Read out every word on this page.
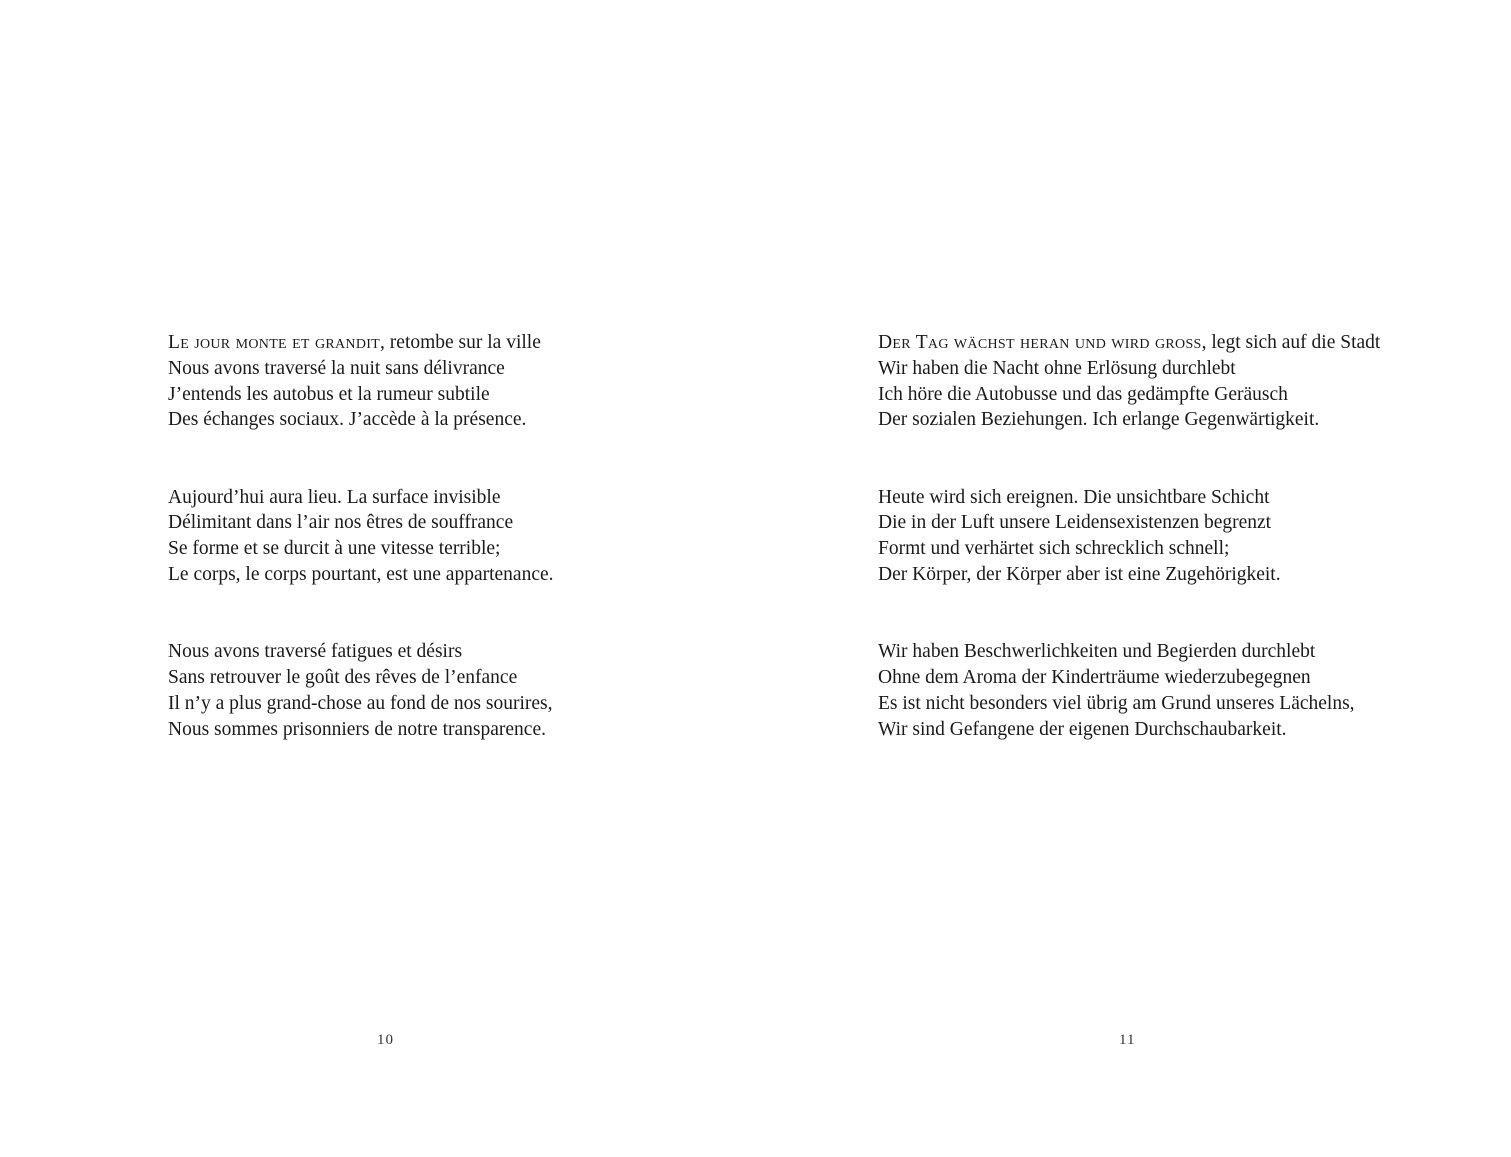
Le jour monte et grandit, retombe sur la ville
Nous avons traversé la nuit sans délivrance
J’entends les autobus et la rumeur subtile
Des échanges sociaux. J’accède à la présence.

Aujourd’hui aura lieu. La surface invisible
Délimitant dans l’air nos êtres de souffrance
Se forme et se durcit à une vitesse terrible;
Le corps, le corps pourtant, est une appartenance.

Nous avons traversé fatigues et désirs
Sans retrouver le goût des rêves de l’enfance
Il n’y a plus grand-chose au fond de nos sourires,
Nous sommes prisonniers de notre transparence.

10

Der Tag wächst heran und wird gross, legt sich auf die Stadt
Wir haben die Nacht ohne Erlösung durchlebt
Ich höre die Autobusse und das gedämpfte Geräusch
Der sozialen Beziehungen. Ich erlange Gegenwärtigkeit.

Heute wird sich ereignen. Die unsichtbare Schicht
Die in der Luft unsere Leidensexistenzen begrenzt
Formt und verhärtet sich schrecklich schnell;
Der Körper, der Körper aber ist eine Zugehörigkeit.

Wir haben Beschwerlichkeiten und Begierden durchlebt
Ohne dem Aroma der Kinderträume wiederzubegegnen
Es ist nicht besonders viel übrig am Grund unseres Lächelns,
Wir sind Gefangene der eigenen Durchschaubarkeit.

11
